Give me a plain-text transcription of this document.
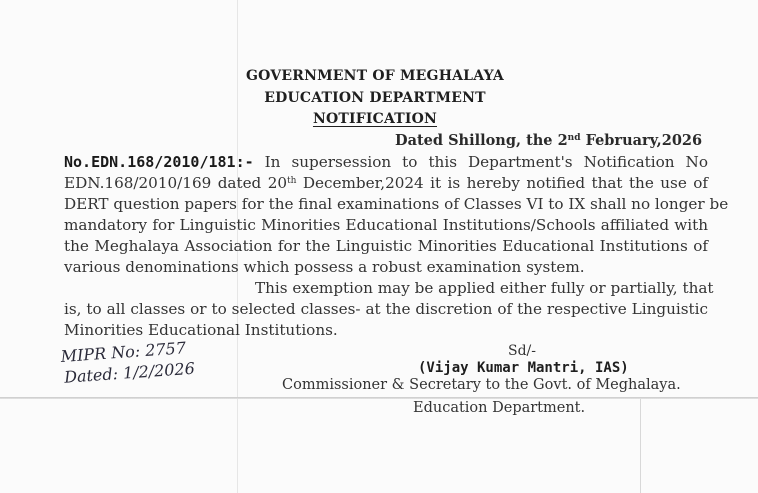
GOVERNMENT OF MEGHALAYA
EDUCATION DEPARTMENT
NOTIFICATION
Dated Shillong, the 2nd February,2026
No.EDN.168/2010/181:- In supersession to this Department's Notification No
EDN.168/2010/169 dated 20th December,2024 it is hereby notified that the use of
DERT question papers for the final examinations of Classes VI to IX shall no longer be
mandatory for Linguistic Minorities Educational Institutions/Schools affiliated with
the Meghalaya Association for the Linguistic Minorities Educational Institutions of
various denominations which possess a robust examination system.
This exemption may be applied either fully or partially, that
is, to all classes or to selected classes- at the discretion of the respective Linguistic
Minorities Educational Institutions.
Sd/-
(Vijay Kumar Mantri, IAS)
Commissioner & Secretary to the Govt. of Meghalaya.
Education Department.
MIPR No: 2757
Dated: 1/2/2026
